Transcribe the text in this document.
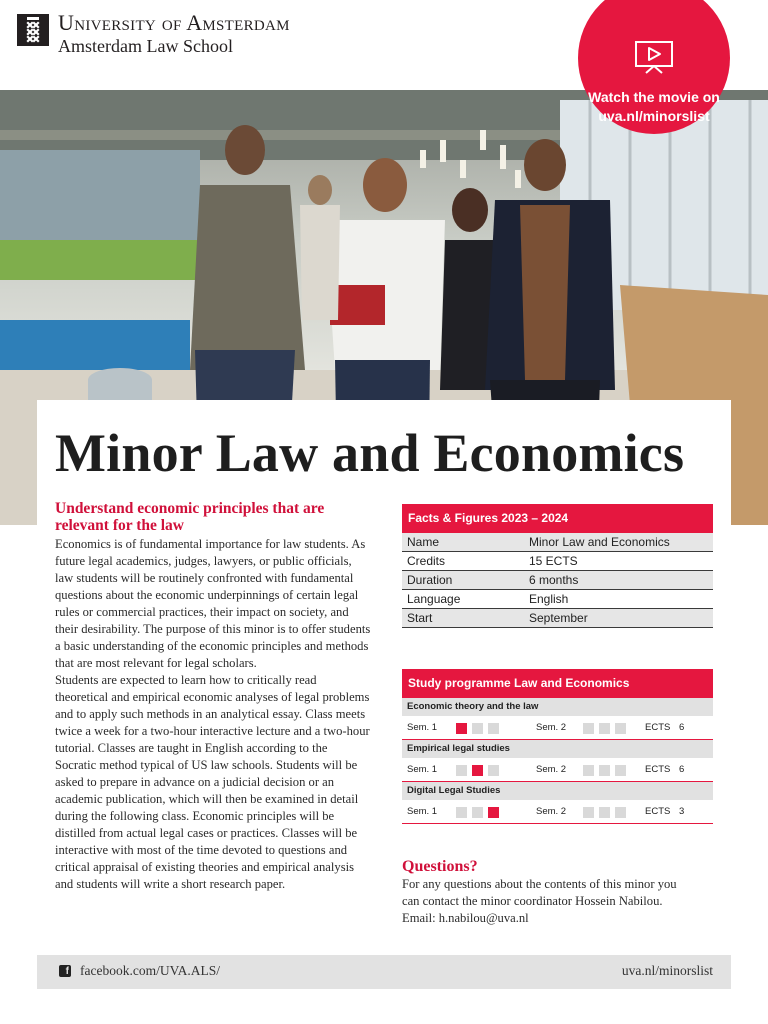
University of Amsterdam
Amsterdam Law School
Watch the movie on
uva.nl/minorslist
Minor Law and Economics
Understand economic principles that are relevant for the law

Economics is of fundamental importance for law students. As future legal academics, judges, lawyers, or public officials, law students will be routinely confronted with fundamental questions about the economic underpinnings of certain legal rules or commercial practices, their impact on society, and their desirability. The purpose of this minor is to offer students a basic understanding of the economic principles and methods that are most relevant for legal scholars.

Students are expected to learn how to critically read theoretical and empirical economic analyses of legal problems and to apply such methods in an analytical essay. Class meets twice a week for a two-hour interactive lecture and a two-hour tutorial. Classes are taught in English according to the Socratic method typical of US law schools. Students will be asked to prepare in advance on a judicial decision or an academic publication, which will then be examined in detail during the following class. Economic principles will be distilled from actual legal cases or practices. Classes will be interactive with most of the time devoted to questions and critical appraisal of existing theories and empirical analysis and students will write a short research paper.

Facts & Figures 2023 – 2024
Name	Minor Law and Economics
Credits	15 ECTS
Duration	6 months
Language	English
Start	September
Study programme Law and Economics
Economic theory and the law
Sem. 1	Sem. 2	ECTS 6
Empirical legal studies
Sem. 1	Sem. 2	ECTS 6
Digital Legal Studies
Sem. 1	Sem. 2	ECTS 3
Questions?
For any questions about the contents of this minor you
can contact the minor coordinator Hossein Nabilou.
Email: h.nabilou@uva.nl
f facebook.com/UVA.ALS/	uva.nl/minorslist
